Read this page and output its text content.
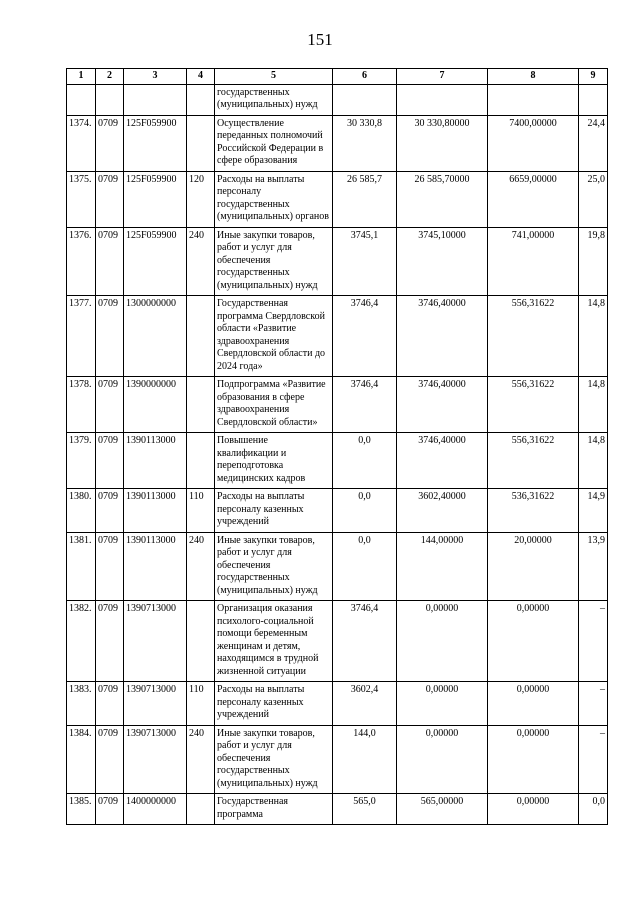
151
1	2	3	4	5	6	7	8	9
				государственных (муниципальных) нужд				
1374.	0709	125F059900		Осуществление переданных полномочий Российской Федерации в сфере образования	30 330,8	30 330,80000	7400,00000	24,4
1375.	0709	125F059900	120	Расходы на выплаты персоналу государственных (муниципальных) органов	26 585,7	26 585,70000	6659,00000	25,0
1376.	0709	125F059900	240	Иные закупки товаров, работ и услуг для обеспечения государственных (муниципальных) нужд	3745,1	3745,10000	741,00000	19,8
1377.	0709	1300000000		Государственная программа Свердловской области «Развитие здравоохранения Свердловской области до 2024 года»	3746,4	3746,40000	556,31622	14,8
1378.	0709	1390000000		Подпрограмма «Развитие образования в сфере здравоохранения Свердловской области»	3746,4	3746,40000	556,31622	14,8
1379.	0709	1390113000		Повышение квалификации и переподготовка медицинских кадров	0,0	3746,40000	556,31622	14,8
1380.	0709	1390113000	110	Расходы на выплаты персоналу казенных учреждений	0,0	3602,40000	536,31622	14,9
1381.	0709	1390113000	240	Иные закупки товаров, работ и услуг для обеспечения государственных (муниципальных) нужд	0,0	144,00000	20,00000	13,9
1382.	0709	1390713000		Организация оказания психолого-социальной помощи беременным женщинам и детям, находящимся в трудной жизненной ситуации	3746,4	0,00000	0,00000	–
1383.	0709	1390713000	110	Расходы на выплаты персоналу казенных учреждений	3602,4	0,00000	0,00000	–
1384.	0709	1390713000	240	Иные закупки товаров, работ и услуг для обеспечения государственных (муниципальных) нужд	144,0	0,00000	0,00000	–
1385.	0709	1400000000		Государственная программа	565,0	565,00000	0,00000	0,0
